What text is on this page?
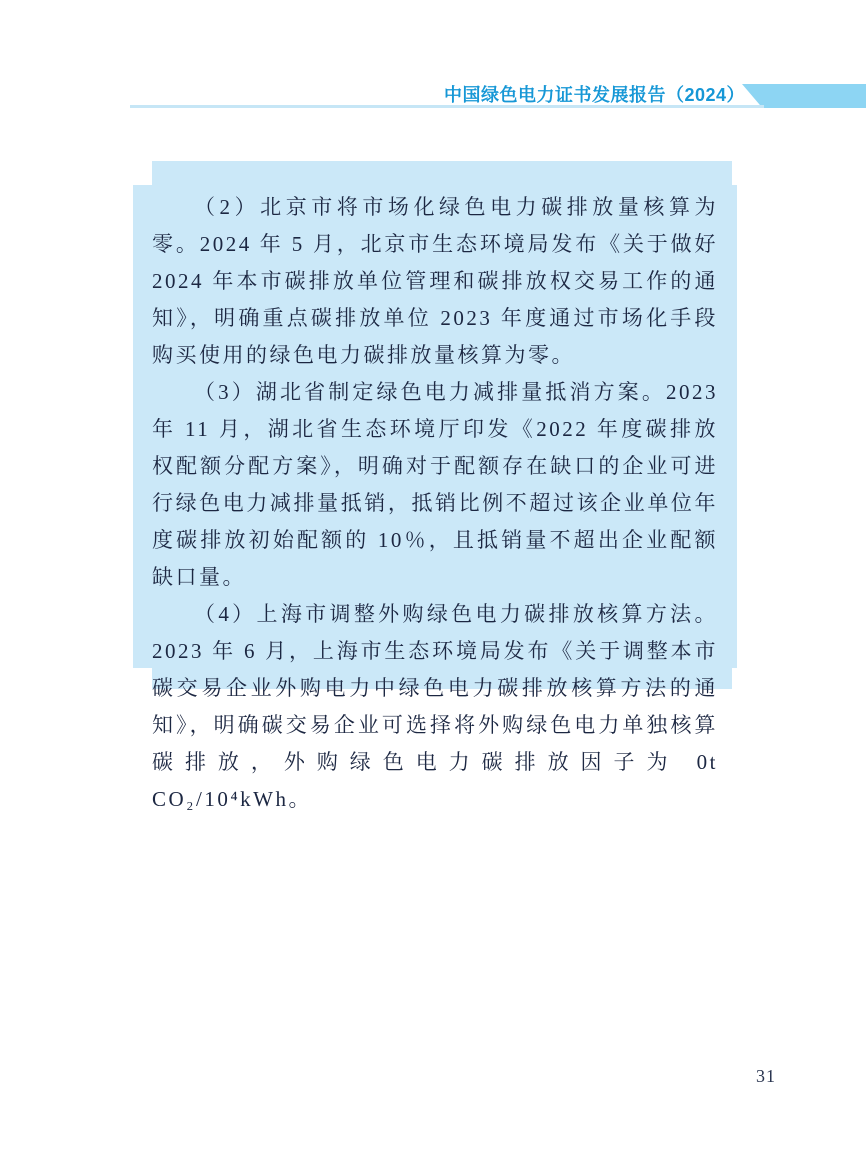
中国绿色电力证书发展报告（2024）

（2）北京市将市场化绿色电力碳排放量核算为零。2024 年 5 月，北京市生态环境局发布《关于做好 2024 年本市碳排放单位管理和碳排放权交易工作的通知》，明确重点碳排放单位 2023 年度通过市场化手段购买使用的绿色电力碳排放量核算为零。

（3）湖北省制定绿色电力减排量抵消方案。2023 年 11 月，湖北省生态环境厅印发《2022 年度碳排放权配额分配方案》，明确对于配额存在缺口的企业可进行绿色电力减排量抵销，抵销比例不超过该企业单位年度碳排放初始配额的 10％，且抵销量不超出企业配额缺口量。

（4）上海市调整外购绿色电力碳排放核算方法。2023 年 6 月，上海市生态环境局发布《关于调整本市碳交易企业外购电力中绿色电力碳排放核算方法的通知》，明确碳交易企业可选择将外购绿色电力单独核算碳排放，外购绿色电力碳排放因子为 0t CO₂/10⁴kWh。

31
